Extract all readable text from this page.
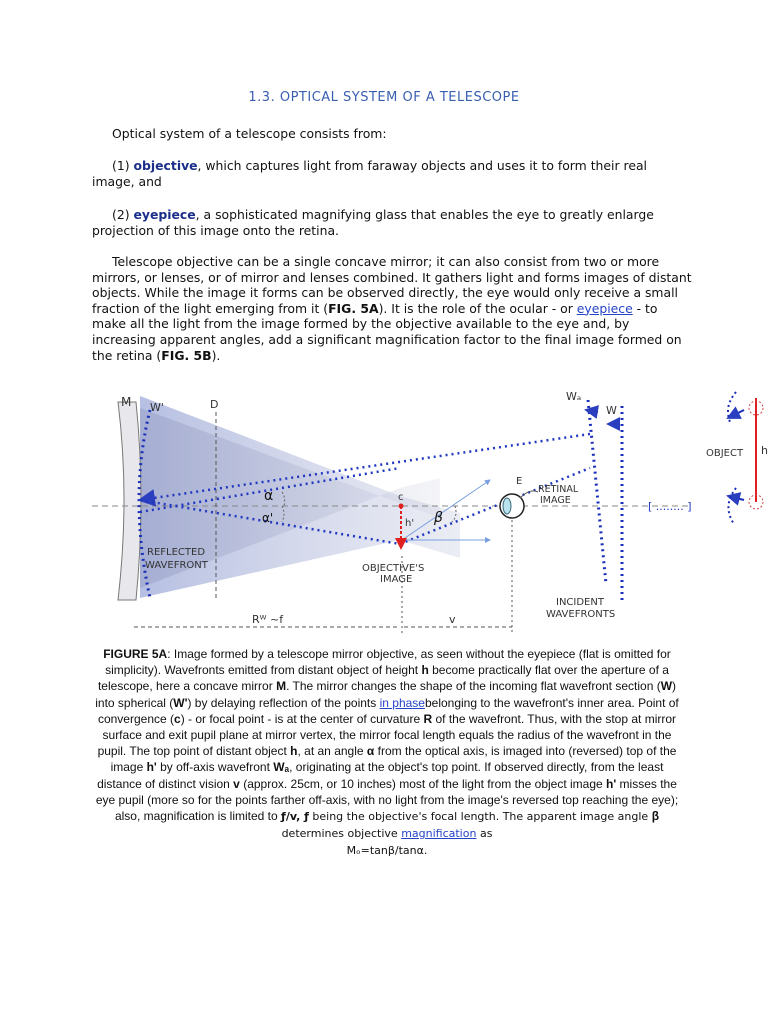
1.3. OPTICAL SYSTEM OF A TELESCOPE
Optical system of a telescope consists from:
(1) objective, which captures light from faraway objects and uses it to form their real image, and
(2) eyepiece, a sophisticated magnifying glass that enables the eye to greatly enlarge projection of this image onto the retina.
Telescope objective can be a single concave mirror; it can also consist from two or more mirrors, or lenses, or of mirror and lenses combined. It gathers light and forms images of distant objects. While the image it forms can be observed directly, the eye would only receive a small fraction of the light emerging from it (FIG. 5A). It is the role of the ocular - or eyepiece - to make all the light from the image formed by the objective available to the eye and, by increasing apparent angles, add a significant magnification factor to the final image formed on the retina (FIG. 5B).
M W'	D
Wₐ
W
OBJECT h
E
RETINAL
IMAGE	[ ........ ]
α
α'	β
c
h'
REFLECTED
WAVEFRONT	OBJECTIVE'S
IMAGE
INCIDENT
WAVEFRONTS
Rᵂ ~f	v
FIGURE 5A: Image formed by a telescope mirror objective, as seen without the eyepiece (flat is omitted for simplicity). Wavefronts emitted from distant object of height h become practically flat over the aperture of a telescope, here a concave mirror M. The mirror changes the shape of the incoming flat wavefront section (W) into spherical (W') by delaying reflection of the points in phasebelonging to the wavefront's inner area. Point of convergence (c) - or focal point - is at the center of curvature R of the wavefront. Thus, with the stop at mirror surface and exit pupil plane at mirror vertex, the mirror focal length equals the radius of the wavefront in the pupil. The top point of distant object h, at an angle α from the optical axis, is imaged into (reversed) top of the image h' by off-axis wavefront Wₐ, originating at the object's top point. If observed directly, from the least distance of distinct vision v (approx. 25cm, or 10 inches) most of the light from the object image h' misses the eye pupil (more so for the points farther off-axis, with no light from the image's reversed top reaching the eye); also, magnification is limited to ƒ/v, ƒ being the objective's focal length. The apparent image angle β determines objective magnification as
Mₒ=tanβ/tanα.
